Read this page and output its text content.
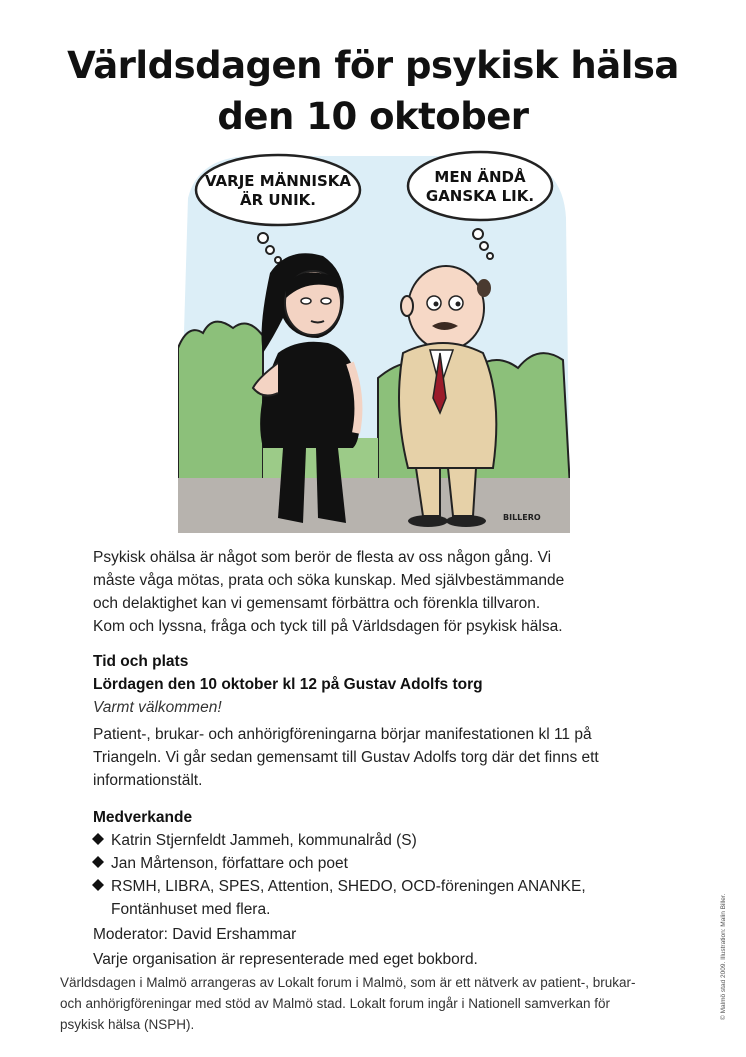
Världsdagen för psykisk hälsa
den 10 oktober
VARJE MÄNNISKA
ÄR UNIK.
MEN ÄNDÅ
GANSKA LIK.
BILLERO
Psykisk ohälsa är något som berör de flesta av oss någon gång. Vi
måste våga mötas, prata och söka kunskap. Med självbestämmande
och delaktighet kan vi gemensamt förbättra och förenkla tillvaron.
Kom och lyssna, fråga och tyck till på Världsdagen för psykisk hälsa.
Tid och plats
Lördagen den 10 oktober kl 12 på Gustav Adolfs torg
Varmt välkommen!
Patient-, brukar- och anhörigföreningarna börjar manifestationen kl 11 på
Triangeln. Vi går sedan gemensamt till Gustav Adolfs torg där det finns ett
informationstält.
Medverkande
Katrin Stjernfeldt Jammeh, kommunalråd (S)
Jan Mårtenson, författare och poet
RSMH, LIBRA, SPES, Attention, SHEDO, OCD-föreningen ANANKE,
Fontänhuset med flera.
Moderator: David Ershammar
Varje organisation är representerade med eget bokbord.
Världsdagen i Malmö arrangeras av Lokalt forum i Malmö, som är ett nätverk av patient-, brukar-
och anhörigföreningar med stöd av Malmö stad. Lokalt forum ingår i Nationell samverkan för
psykisk hälsa (NSPH).
© Malmö stad 2009. Illustration: Malin Biller.
